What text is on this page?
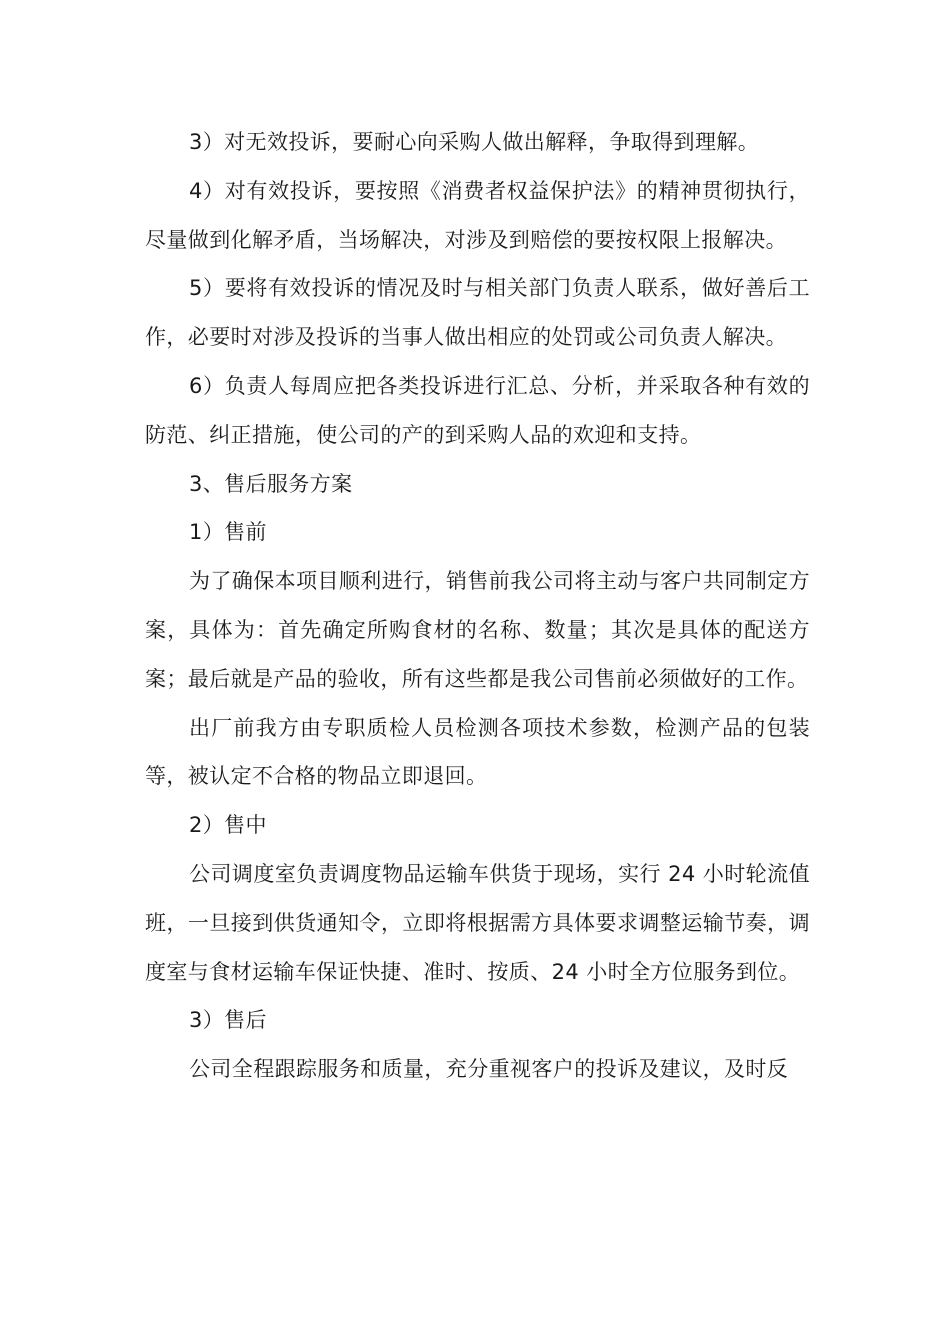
3）对无效投诉，要耐心向采购人做出解释，争取得到理解。

4）对有效投诉，要按照《消费者权益保护法》的精神贯彻执行，尽量做到化解矛盾，当场解决，对涉及到赔偿的要按权限上报解决。

5）要将有效投诉的情况及时与相关部门负责人联系，做好善后工作，必要时对涉及投诉的当事人做出相应的处罚或公司负责人解决。

6）负责人每周应把各类投诉进行汇总、分析，并采取各种有效的防范、纠正措施，使公司的产的到采购人品的欢迎和支持。

3、售后服务方案

1）售前

为了确保本项目顺利进行，销售前我公司将主动与客户共同制定方案，具体为：首先确定所购食材的名称、数量；其次是具体的配送方案；最后就是产品的验收，所有这些都是我公司售前必须做好的工作。

出厂前我方由专职质检人员检测各项技术参数，检测产品的包装等，被认定不合格的物品立即退回。

2）售中

公司调度室负责调度物品运输车供货于现场，实行 24 小时轮流值班，一旦接到供货通知令，立即将根据需方具体要求调整运输节奏，调度室与食材运输车保证快捷、准时、按质、24 小时全方位服务到位。

3）售后

公司全程跟踪服务和质量，充分重视客户的投诉及建议，及时反
